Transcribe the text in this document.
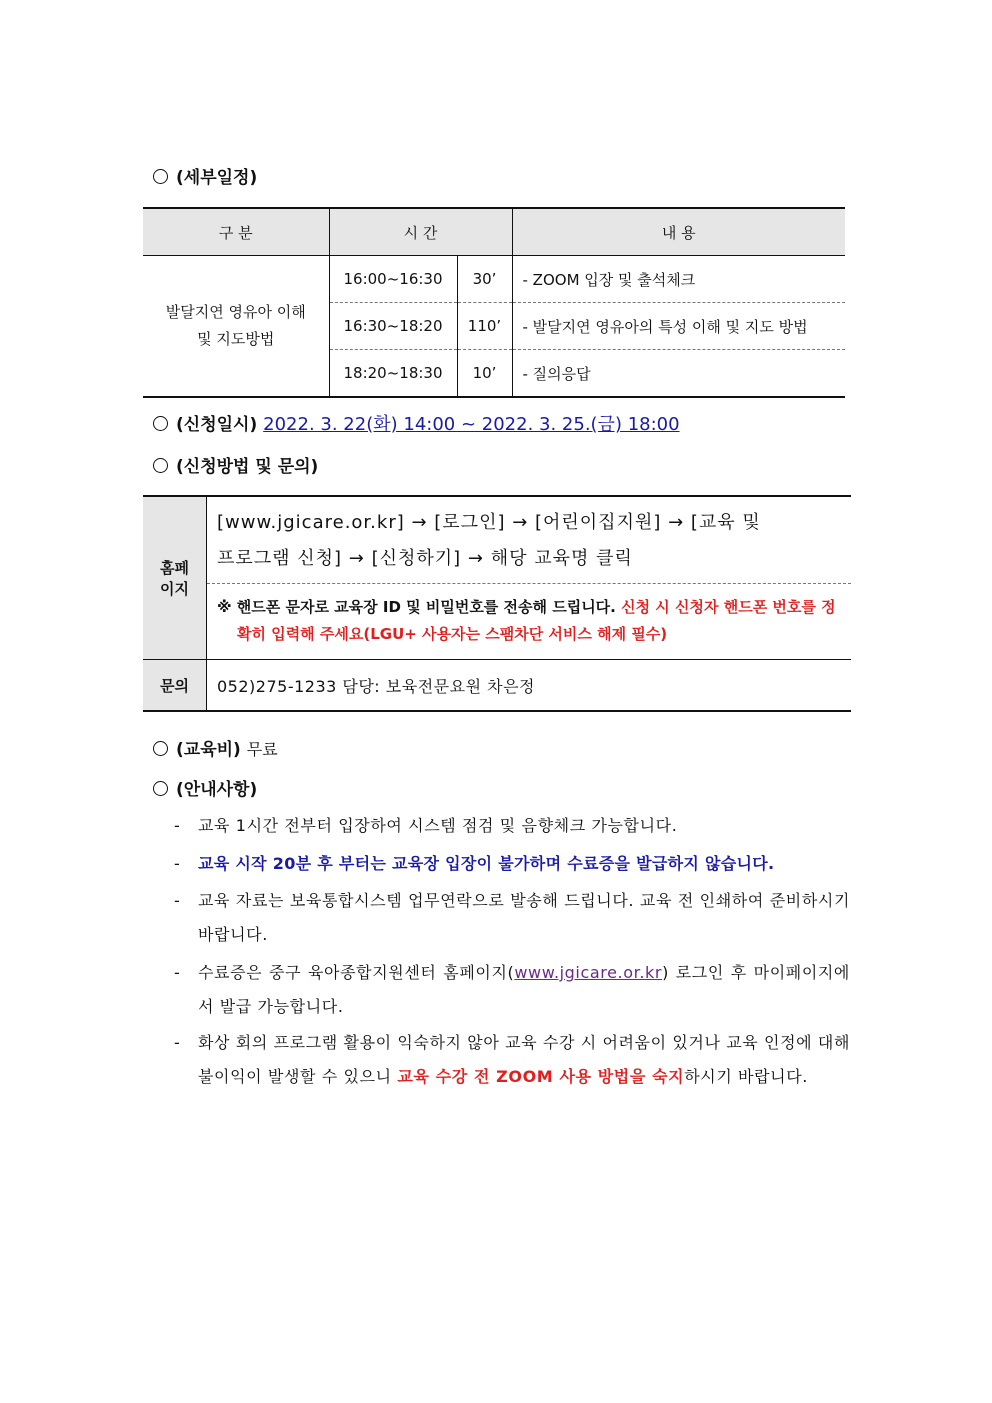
(세부일정)
구 분	시 간		내 용
발달지연 영유아 이해
및 지도방법	16:00~16:30	30’	- ZOOM 입장 및 출석체크
	16:30~18:20	110’	- 발달지연 영유아의 특성 이해 및 지도 방법
	18:20~18:30	10’	- 질의응답
(신청일시) 2022. 3. 22(화) 14:00 ~ 2022. 3. 25.(금) 18:00
(신청방법 및 문의)
홈페
이지	[www.jgicare.or.kr] → [로그인] → [어린이집지원] → [교육 및
프로그램 신청] → [신청하기] → 해당 교육명 클릭
	※ 핸드폰 문자로 교육장 ID 및 비밀번호를 전송해 드립니다. 신청 시 신청자 핸드폰 번호를 정확히 입력해 주세요(LGU+ 사용자는 스팸차단 서비스 해제 필수)
문의	052)275-1233 담당: 보육전문요원 차은정
(교육비) 무료
(안내사항)
- 교육 1시간 전부터 입장하여 시스템 점검 및 음향체크 가능합니다.
- 교육 시작 20분 후 부터는 교육장 입장이 불가하며 수료증을 발급하지 않습니다.
- 교육 자료는 보육통합시스템 업무연락으로 발송해 드립니다. 교육 전 인쇄하여 준비하시기 바랍니다.
- 수료증은 중구 육아종합지원센터 홈페이지(www.jgicare.or.kr) 로그인 후 마이페이지에서 발급 가능합니다.
- 화상 회의 프로그램 활용이 익숙하지 않아 교육 수강 시 어려움이 있거나 교육 인정에 대해 불이익이 발생할 수 있으니 교육 수강 전 ZOOM 사용 방법을 숙지하시기 바랍니다.
